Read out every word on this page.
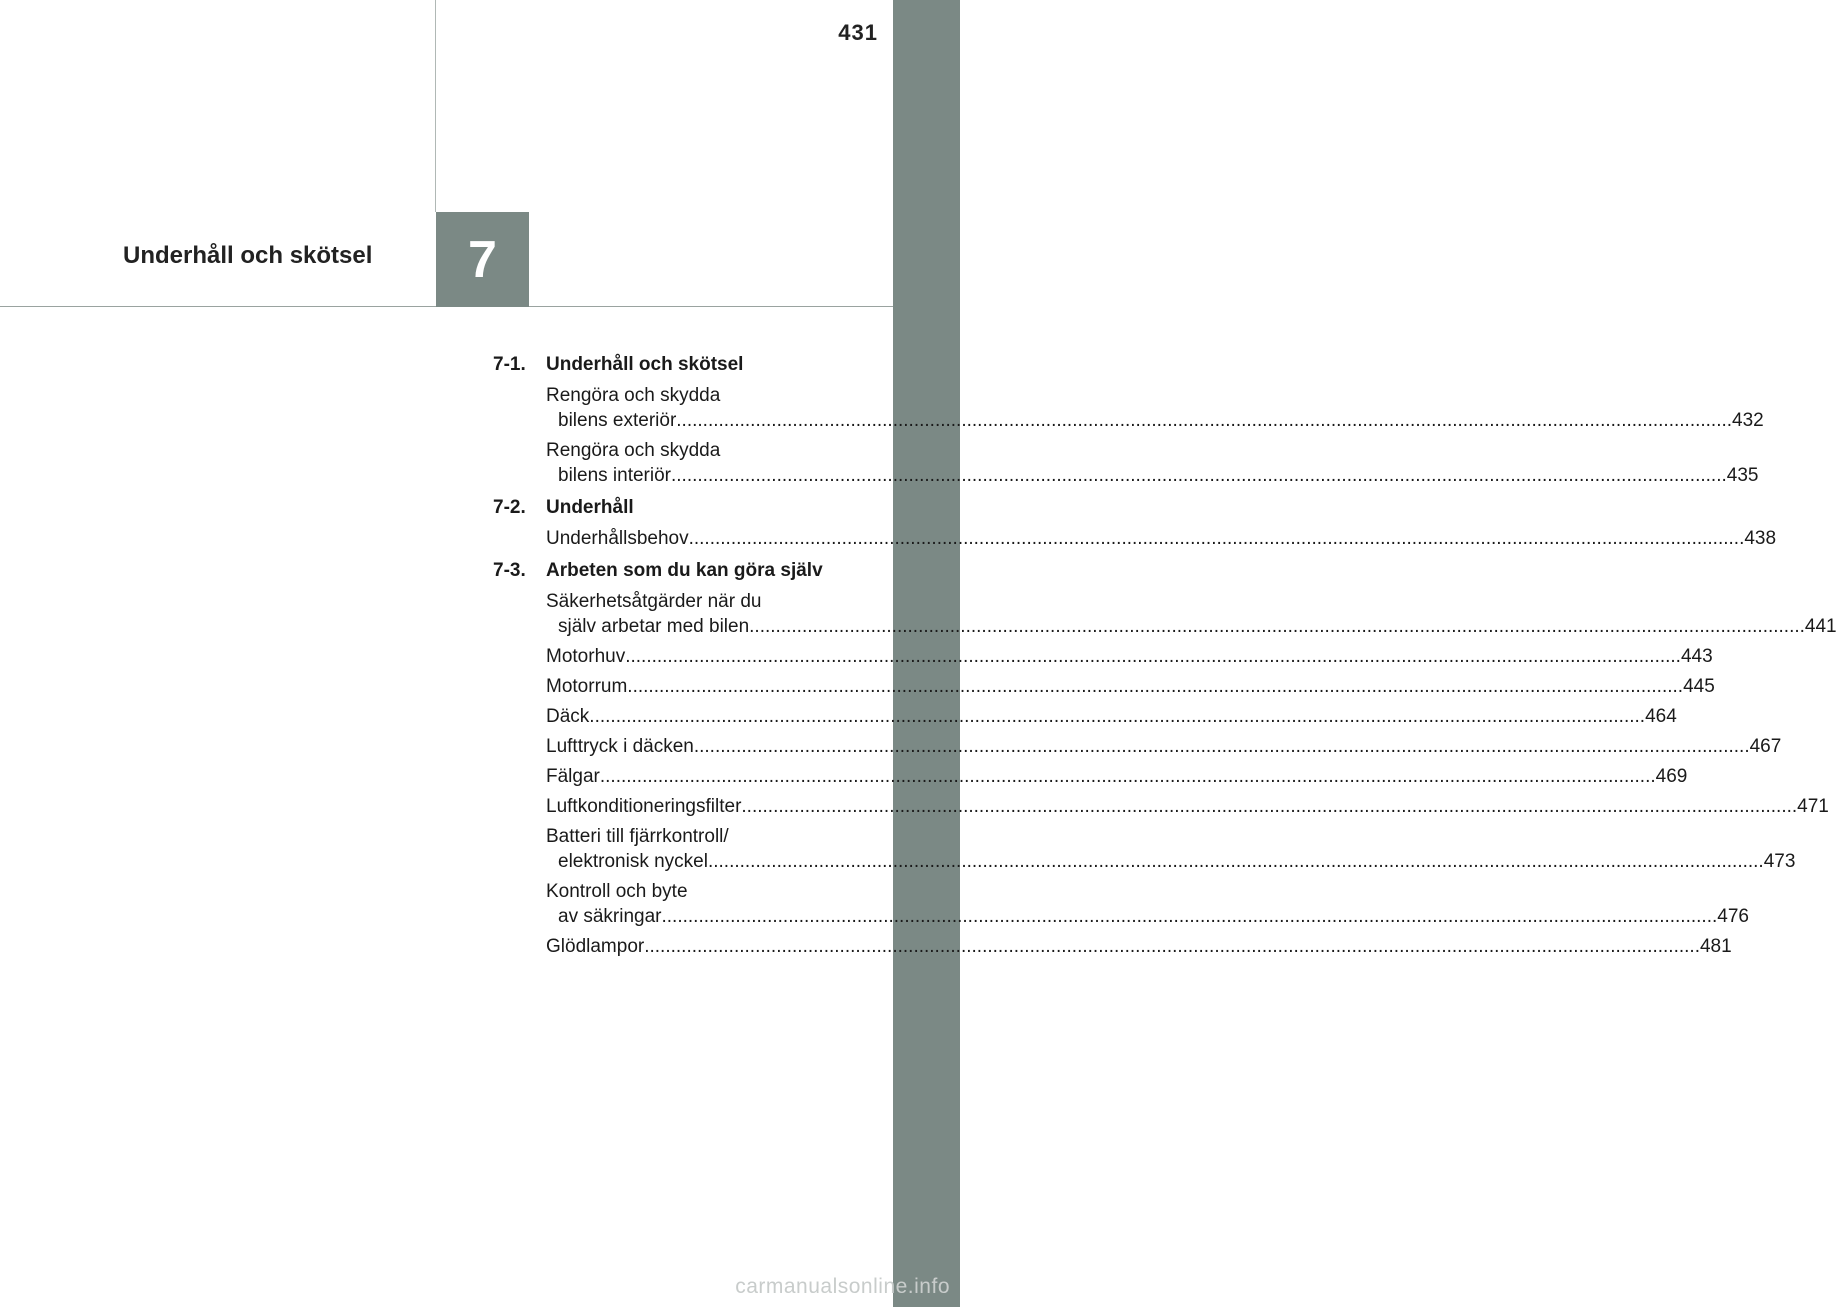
431
7
Underhåll och skötsel
7-1.	Underhåll och skötsel
Rengöra och skydda
bilens exteriör ........................................................................................................................................................................................................ 432
Rengöra och skydda
bilens interiör ........................................................................................................................................................................................................ 435
7-2.	Underhåll
Underhållsbehov ........................................................................................................................................................................................................ 438
7-3.	Arbeten som du kan göra själv
Säkerhetsåtgärder när du
själv arbetar med bilen ........................................................................................................................................................................................................ 441
Motorhuv ........................................................................................................................................................................................................ 443
Motorrum ........................................................................................................................................................................................................ 445
Däck ........................................................................................................................................................................................................ 464
Lufttryck i däcken ........................................................................................................................................................................................................ 467
Fälgar ........................................................................................................................................................................................................ 469
Luftkonditioneringsfilter ........................................................................................................................................................................................................ 471
Batteri till fjärrkontroll/
elektronisk nyckel ........................................................................................................................................................................................................ 473
Kontroll och byte
av säkringar ........................................................................................................................................................................................................ 476
Glödlampor ........................................................................................................................................................................................................ 481
carmanualsonline.info
